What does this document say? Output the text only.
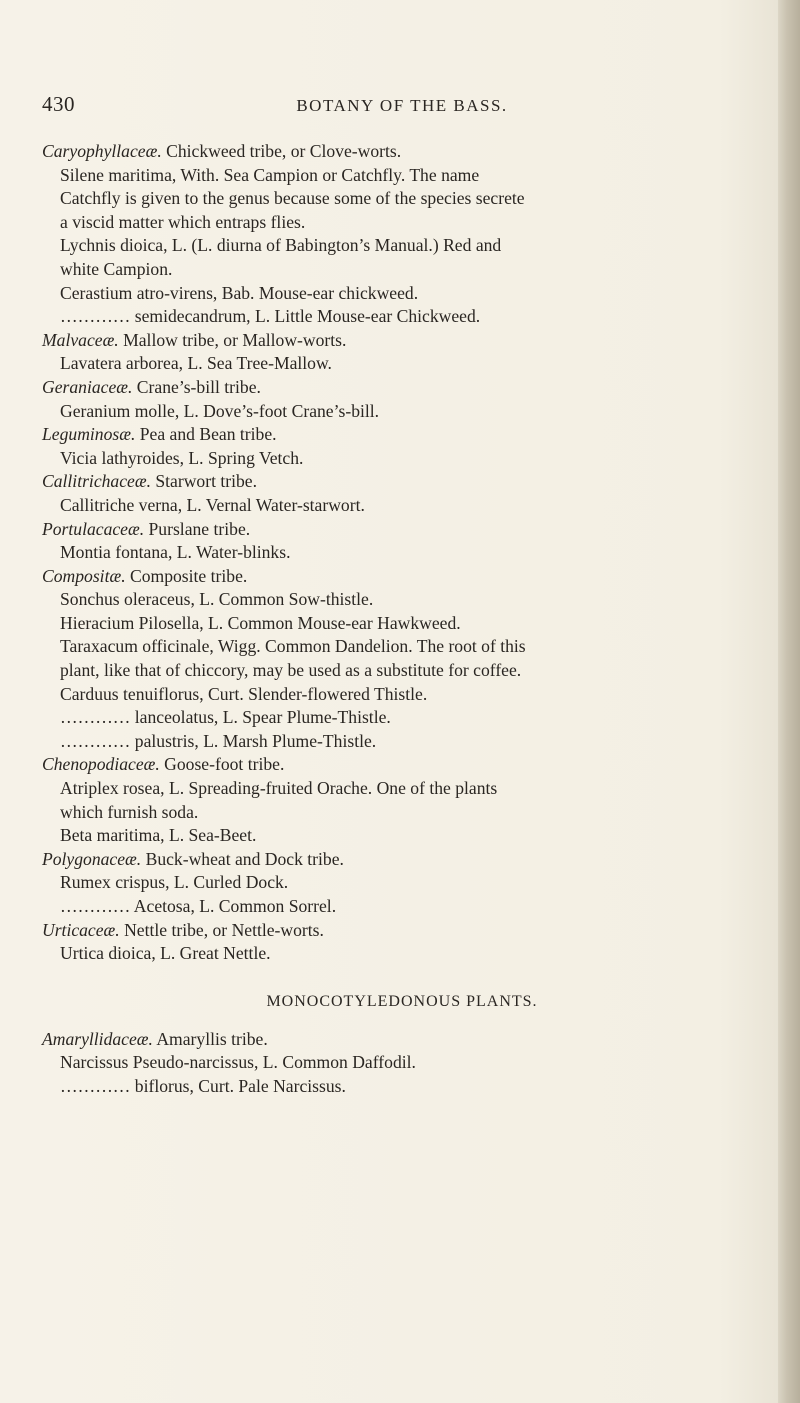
430	BOTANY OF THE BASS.
Caryophyllaceæ. Chickweed tribe, or Clove-worts.
Silene maritima, With. Sea Campion or Catchfly. The name
Catchfly is given to the genus because some of the species secrete
a viscid matter which entraps flies.
Lychnis dioica, L. (L. diurna of Babington’s Manual.) Red and
white Campion.
Cerastium atro-virens, Bab. Mouse-ear chickweed.
………… semidecandrum, L. Little Mouse-ear Chickweed.
Malvaceæ. Mallow tribe, or Mallow-worts.
Lavatera arborea, L. Sea Tree-Mallow.
Geraniaceæ. Crane’s-bill tribe.
Geranium molle, L. Dove’s-foot Crane’s-bill.
Leguminosæ. Pea and Bean tribe.
Vicia lathyroides, L. Spring Vetch.
Callitrichaceæ. Starwort tribe.
Callitriche verna, L. Vernal Water-starwort.
Portulacaceæ. Purslane tribe.
Montia fontana, L. Water-blinks.
Compositæ. Composite tribe.
Sonchus oleraceus, L. Common Sow-thistle.
Hieracium Pilosella, L. Common Mouse-ear Hawkweed.
Taraxacum officinale, Wigg. Common Dandelion. The root of this
plant, like that of chiccory, may be used as a substitute for coffee.
Carduus tenuiflorus, Curt. Slender-flowered Thistle.
………… lanceolatus, L. Spear Plume-Thistle.
………… palustris, L. Marsh Plume-Thistle.
Chenopodiaceæ. Goose-foot tribe.
Atriplex rosea, L. Spreading-fruited Orache. One of the plants
which furnish soda.
Beta maritima, L. Sea-Beet.
Polygonaceæ. Buck-wheat and Dock tribe.
Rumex crispus, L. Curled Dock.
………… Acetosa, L. Common Sorrel.
Urticaceæ. Nettle tribe, or Nettle-worts.
Urtica dioica, L. Great Nettle.
MONOCOTYLEDONOUS PLANTS.
Amaryllidaceæ. Amaryllis tribe.
Narcissus Pseudo-narcissus, L. Common Daffodil.
………… biflorus, Curt. Pale Narcissus.
